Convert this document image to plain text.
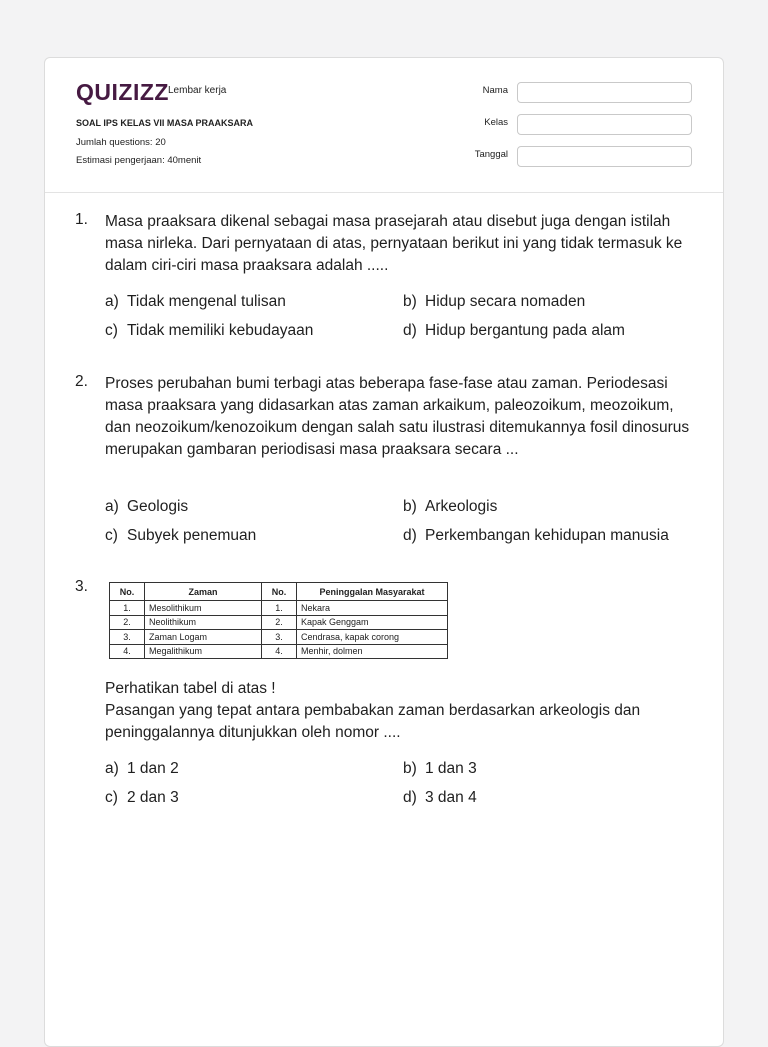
QUIZIZZ Lembar kerja
SOAL IPS KELAS VII MASA PRAAKSARA
Jumlah questions: 20
Estimasi pengerjaan: 40menit
Nama
Kelas
Tanggal
1. Masa praaksara dikenal sebagai masa prasejarah atau disebut juga dengan istilah masa nirleka. Dari pernyataan di atas, pernyataan berikut ini yang tidak termasuk ke dalam ciri-ciri masa praaksara adalah .....

a) Tidak mengenal tulisan	b) Hidup secara nomaden
c) Tidak memiliki kebudayaan	d) Hidup bergantung pada alam
2. Proses perubahan bumi terbagi atas beberapa fase-fase atau zaman. Periodesasi masa praaksara yang didasarkan atas zaman arkaikum, paleozoikum, meozoikum, dan neozoikum/kenozoikum dengan salah satu ilustrasi ditemukannya fosil dinosurus merupakan gambaran periodisasi masa praaksara secara ...

a) Geologis	b) Arkeologis
c) Subyek penemuan	d) Perkembangan kehidupan manusia
3.	No.	Zaman	No.	Peninggalan Masyarakat
1.	Mesolithikum	1.	Nekara
2.	Neolithikum	2.	Kapak Genggam
3.	Zaman Logam	3.	Cendrasa, kapak corong
4.	Megalithikum	4.	Menhir, dolmen
Perhatikan tabel di atas !

Pasangan yang tepat antara pembabakan zaman berdasarkan arkeologis dan peninggalannya ditunjukkan oleh nomor ....

a) 1 dan 2	b) 1 dan 3
c) 2 dan 3	d) 3 dan 4
